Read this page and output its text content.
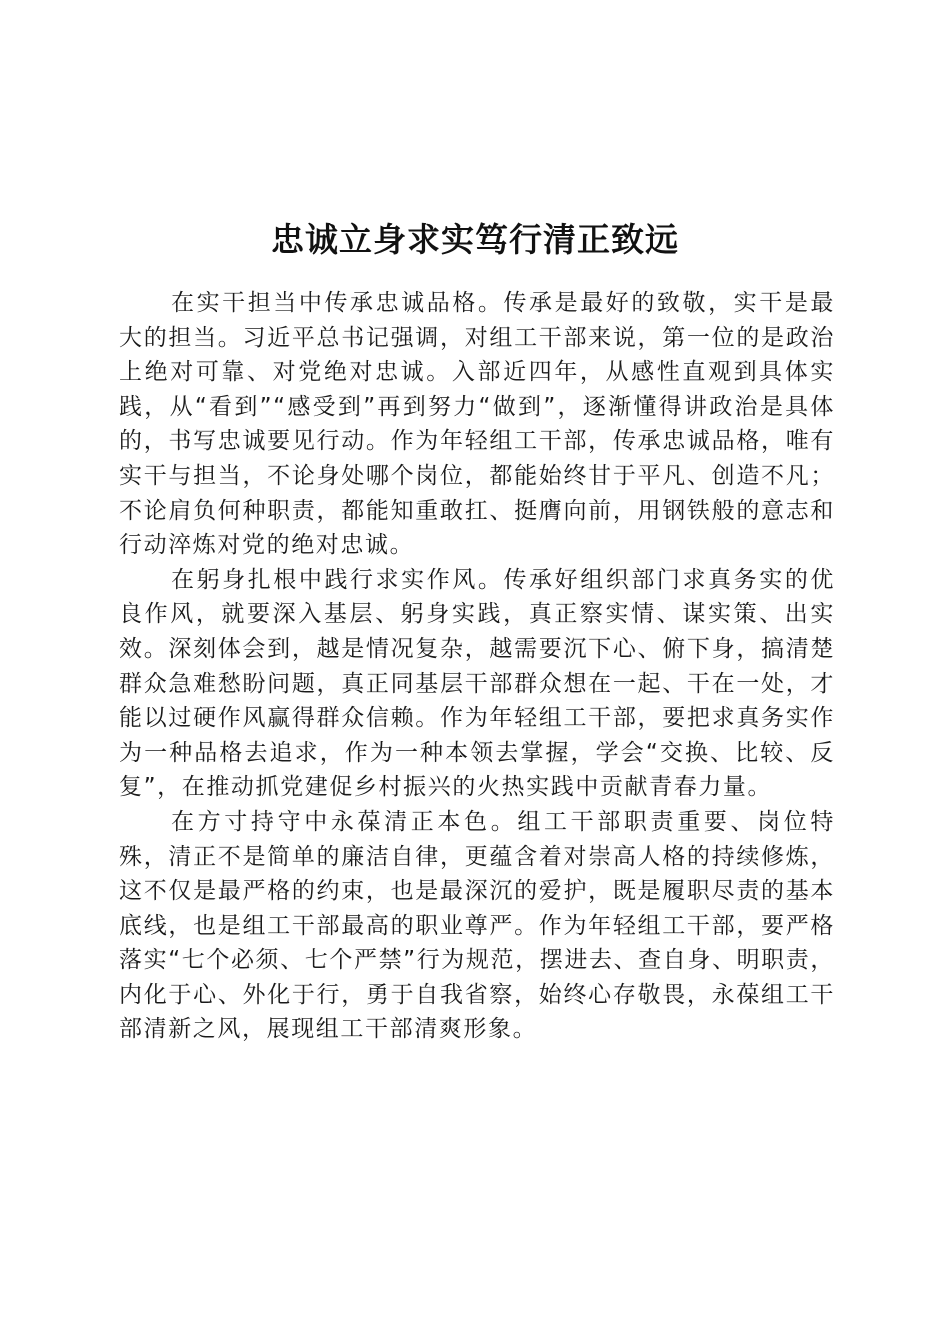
忠诚立身求实笃行清正致远

在实干担当中传承忠诚品格。传承是最好的致敬，实干是最大的担当。习近平总书记强调，对组工干部来说，第一位的是政治上绝对可靠、对党绝对忠诚。入部近四年，从感性直观到具体实践，从“看到”“感受到”再到努力“做到”，逐渐懂得讲政治是具体的，书写忠诚要见行动。作为年轻组工干部，传承忠诚品格，唯有实干与担当，不论身处哪个岗位，都能始终甘于平凡、创造不凡；不论肩负何种职责，都能知重敢扛、挺膺向前，用钢铁般的意志和行动淬炼对党的绝对忠诚。

在躬身扎根中践行求实作风。传承好组织部门求真务实的优良作风，就要深入基层、躬身实践，真正察实情、谋实策、出实效。深刻体会到，越是情况复杂，越需要沉下心、俯下身，搞清楚群众急难愁盼问题，真正同基层干部群众想在一起、干在一处，才能以过硬作风赢得群众信赖。作为年轻组工干部，要把求真务实作为一种品格去追求，作为一种本领去掌握，学会“交换、比较、反复”，在推动抓党建促乡村振兴的火热实践中贡献青春力量。

在方寸持守中永葆清正本色。组工干部职责重要、岗位特殊，清正不是简单的廉洁自律，更蕴含着对崇高人格的持续修炼，这不仅是最严格的约束，也是最深沉的爱护，既是履职尽责的基本底线，也是组工干部最高的职业尊严。作为年轻组工干部，要严格落实“七个必须、七个严禁”行为规范，摆进去、查自身、明职责，内化于心、外化于行，勇于自我省察，始终心存敬畏，永葆组工干部清新之风，展现组工干部清爽形象。
